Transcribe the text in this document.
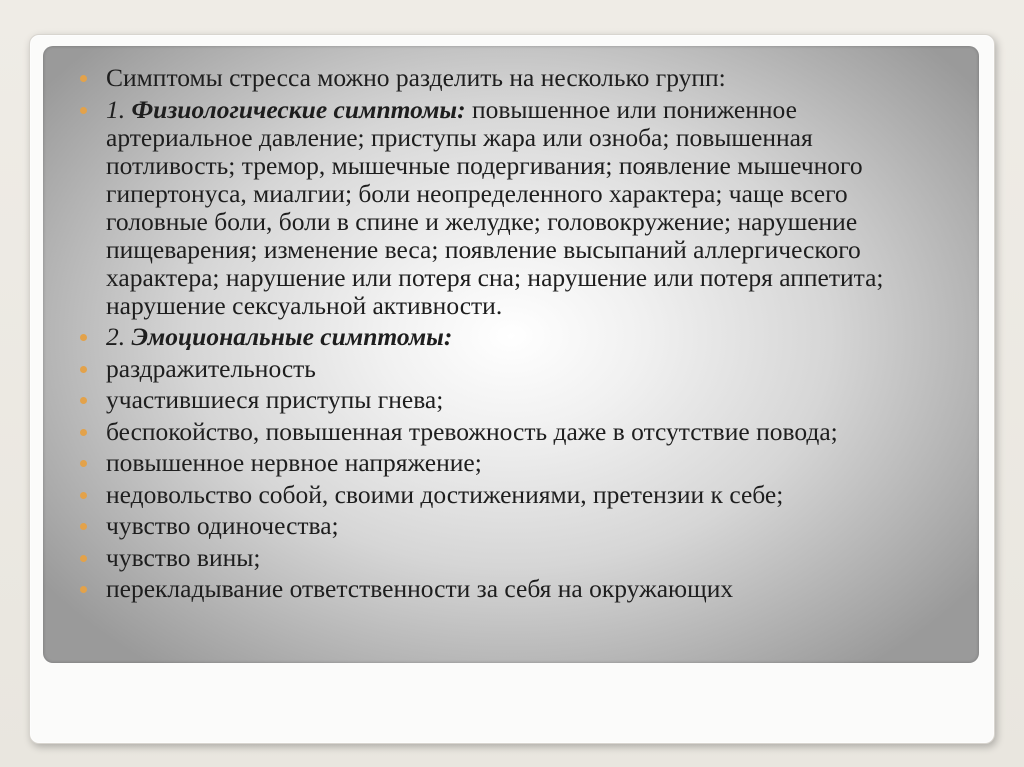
Симптомы стресса можно разделить на несколько групп:
1. Физиологические симптомы: повышенное или пониженное артериальное давление; приступы жара или озноба; повышенная потливость; тремор, мышечные подергивания; появление мышечного гипертонуса, миалгии; боли неопределенного характера; чаще всего головные боли, боли в спине и желудке; головокружение; нарушение пищеварения; изменение веса; появление высыпаний аллергического характера; нарушение или потеря сна; нарушение или потеря аппетита; нарушение сексуальной активности.
2. Эмоциональные симптомы:
раздражительность
участившиеся приступы гнева;
беспокойство, повышенная тревожность даже в отсутствие повода;
повышенное нервное напряжение;
недовольство собой, своими достижениями, претензии к себе;
чувство одиночества;
чувство вины;
перекладывание ответственности за себя на окружающих
